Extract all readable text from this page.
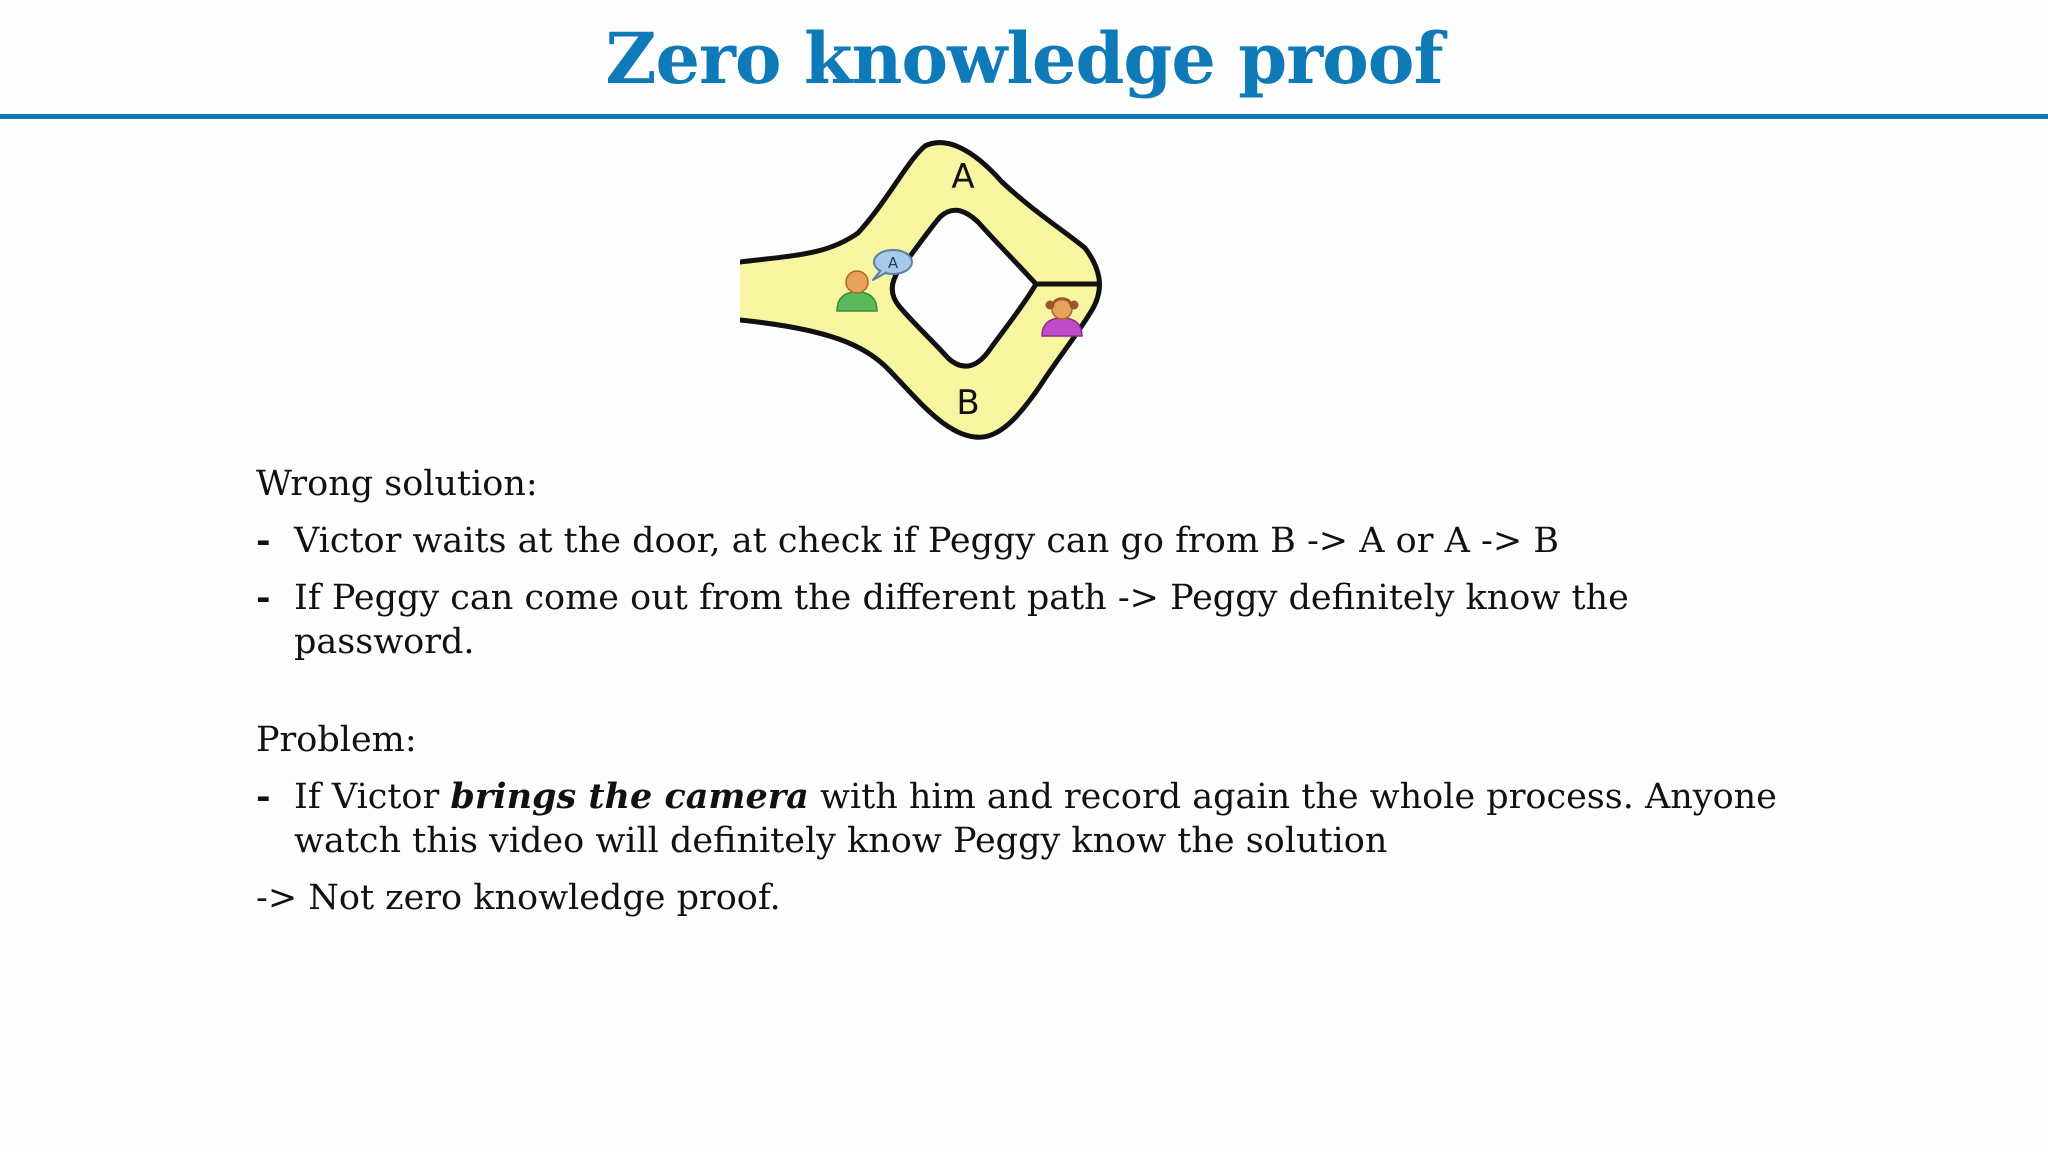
Zero knowledge proof
A
B
A
Wrong solution:
- Victor waits at the door, at check if Peggy can go from B -> A or A -> B
- If Peggy can come out from the different path -> Peggy definitely know the password.
Problem:
- If Victor brings the camera with him and record again the whole process. Anyone watch this video will definitely know Peggy know the solution
-> Not zero knowledge proof.
